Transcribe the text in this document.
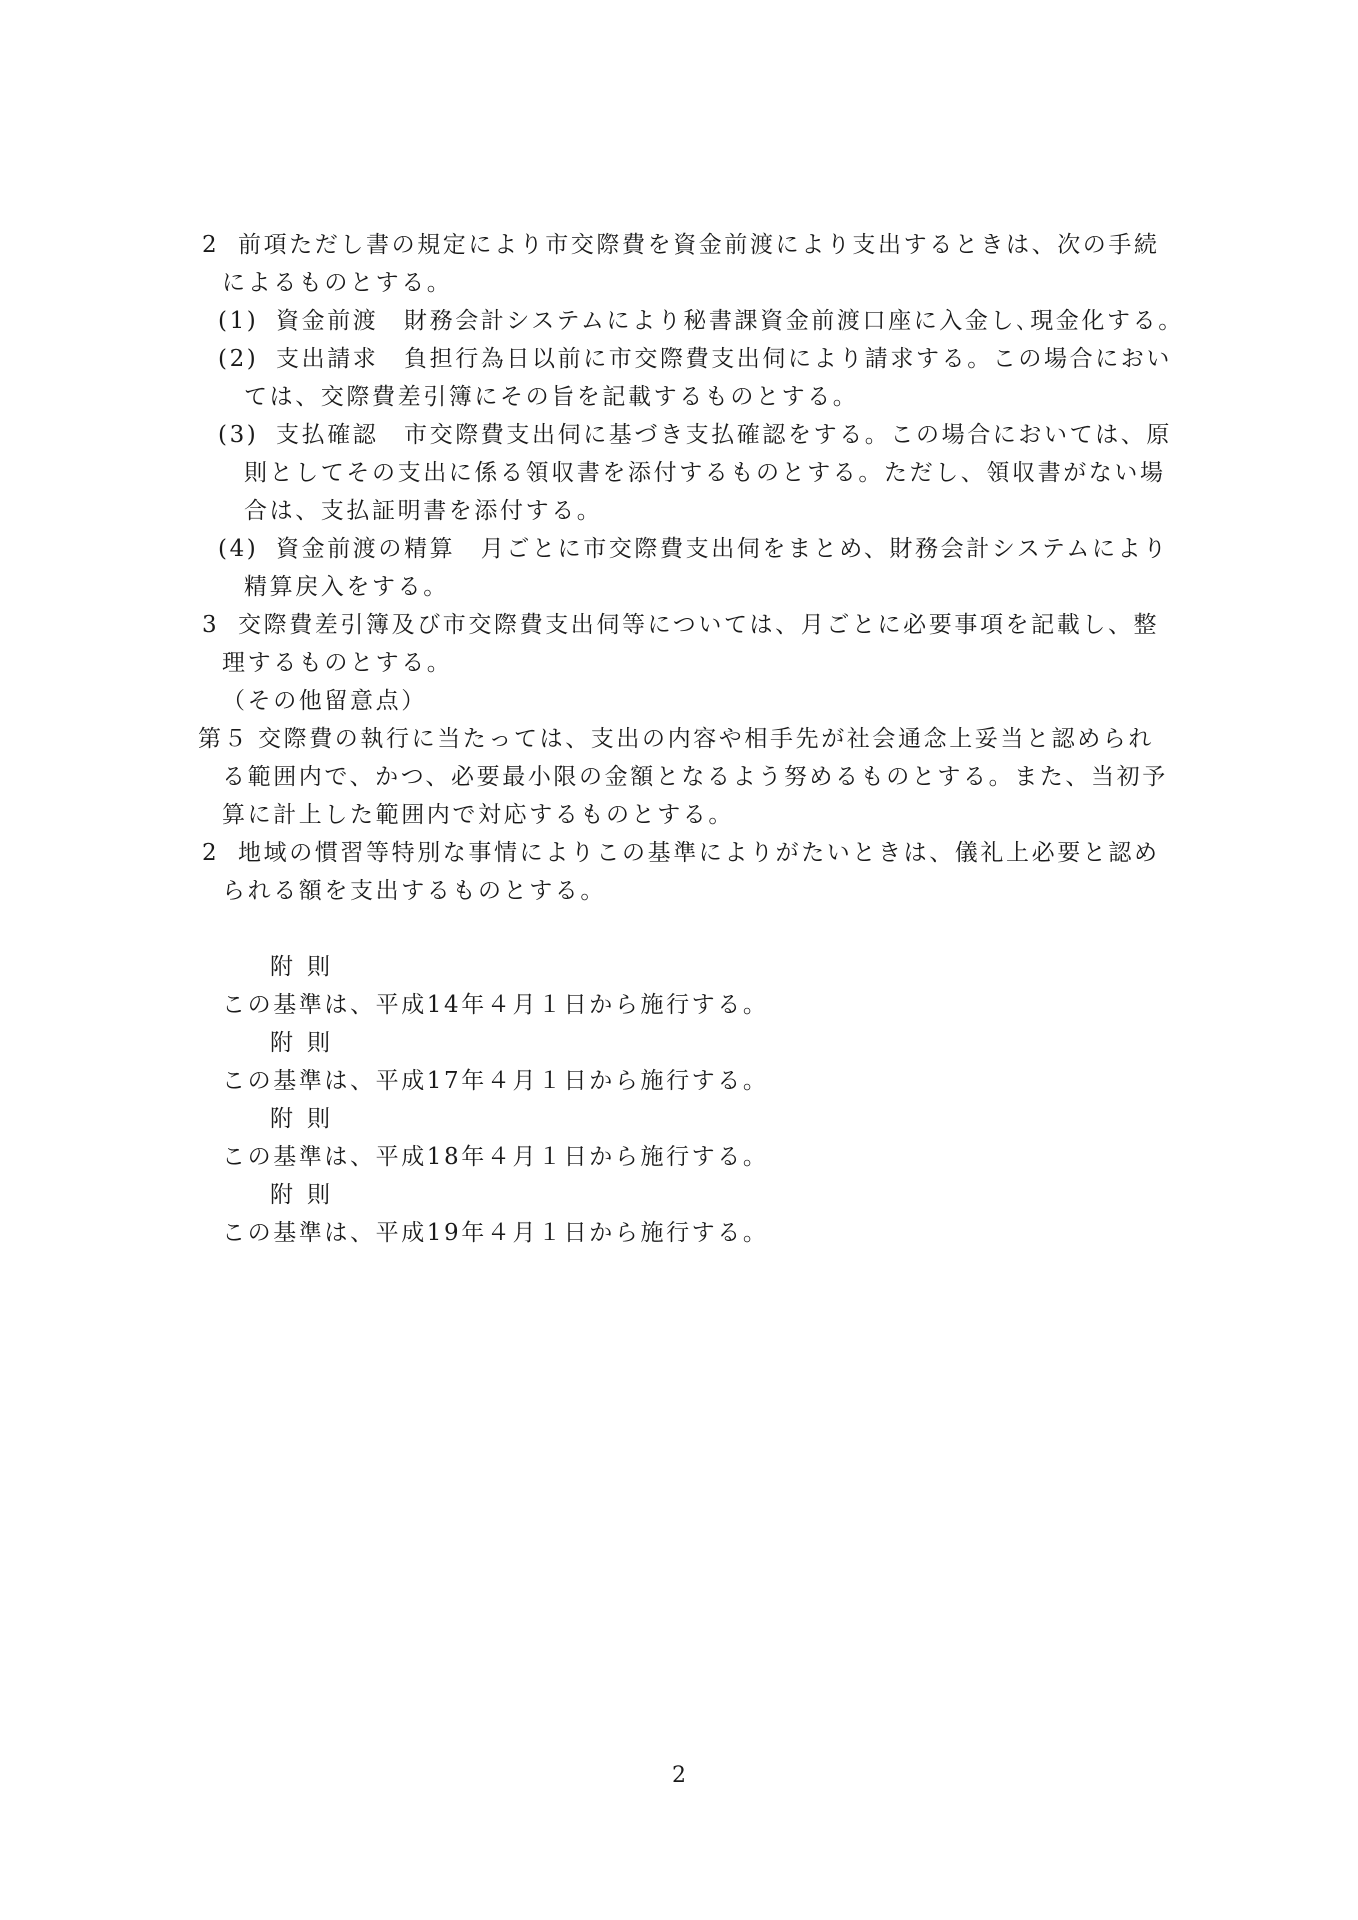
2 前項ただし書の規定により市交際費を資金前渡により支出するときは、次の手続
によるものとする。
(1) 資金前渡　財務会計システムにより秘書課資金前渡口座に入金し､現金化する。
(2) 支出請求　負担行為日以前に市交際費支出伺により請求する。この場合におい
ては、交際費差引簿にその旨を記載するものとする。
(3) 支払確認　市交際費支出伺に基づき支払確認をする。この場合においては、原
則としてその支出に係る領収書を添付するものとする。ただし、領収書がない場
合は、支払証明書を添付する。
(4) 資金前渡の精算　月ごとに市交際費支出伺をまとめ、財務会計システムにより
精算戻入をする。
3 交際費差引簿及び市交際費支出伺等については、月ごとに必要事項を記載し、整
理するものとする。
（その他留意点）
第５ 交際費の執行に当たっては、支出の内容や相手先が社会通念上妥当と認められ
る範囲内で、かつ、必要最小限の金額となるよう努めるものとする。また、当初予
算に計上した範囲内で対応するものとする。
2 地域の慣習等特別な事情によりこの基準によりがたいときは、儀礼上必要と認め
られる額を支出するものとする。
附則
この基準は、平成14年４月１日から施行する。
附則
この基準は、平成17年４月１日から施行する。
附則
この基準は、平成18年４月１日から施行する。
附則
この基準は、平成19年４月１日から施行する。
2
